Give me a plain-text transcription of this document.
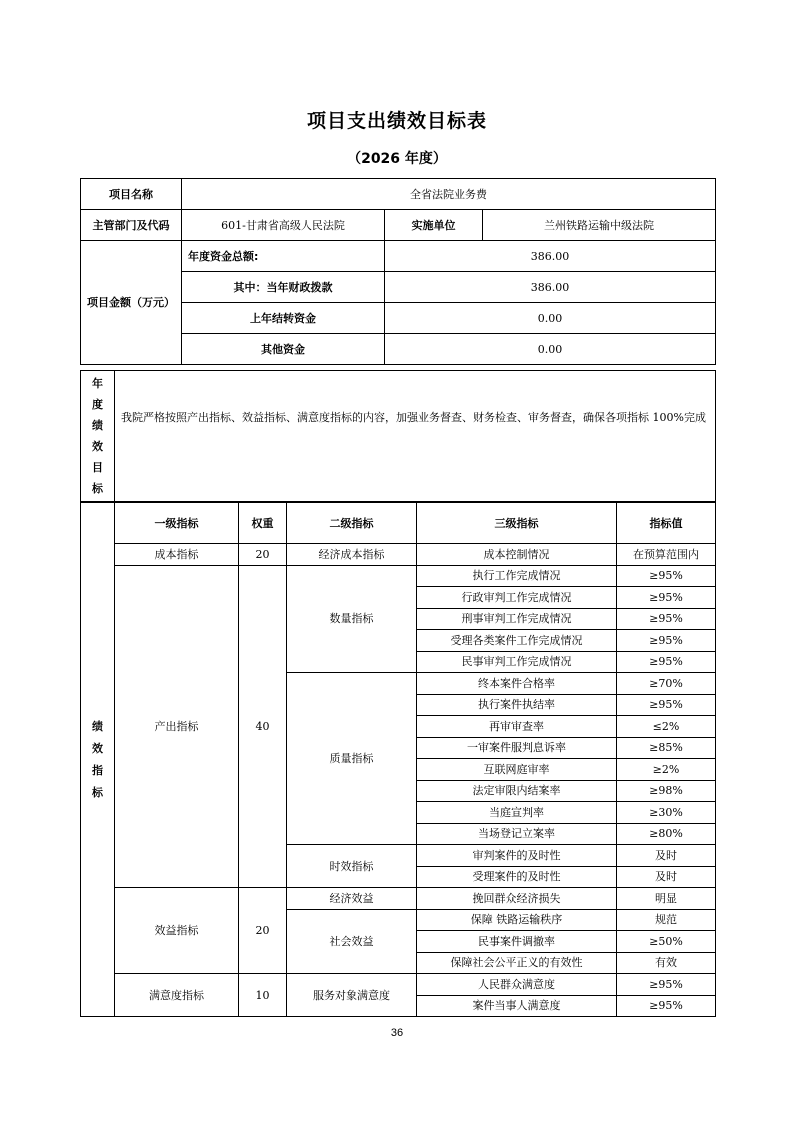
项目支出绩效目标表
（2026 年度）
项目名称	全省法院业务费		
主管部门及代码	601-甘肃省高级人民法院	实施单位	兰州铁路运输中级法院
项目金额（万元）	年度资金总额:	386.00	
	其中：当年财政拨款	386.00	
	上年结转资金	0.00	
	其他资金	0.00	
年度绩效目标	我院严格按照产出指标、效益指标、满意度指标的内容，加强业务督查、财务检查、审务督查，确保各项指标 100%完成
绩效指标	一级指标	权重	二级指标	三级指标	指标值
	成本指标	20	经济成本指标	成本控制情况	在预算范围内
	产出指标	40	数量指标	执行工作完成情况	≥95%
				行政审判工作完成情况	≥95%
				刑事审判工作完成情况	≥95%
				受理各类案件工作完成情况	≥95%
				民事审判工作完成情况	≥95%
			质量指标	终本案件合格率	≥70%
				执行案件执结率	≥95%
				再审审查率	≤2%
				一审案件服判息诉率	≥85%
				互联网庭审率	≥2%
				法定审限内结案率	≥98%
				当庭宣判率	≥30%
				当场登记立案率	≥80%
			时效指标	审判案件的及时性	及时
				受理案件的及时性	及时
	效益指标	20	经济效益	挽回群众经济损失	明显
			社会效益	保障 铁路运输秩序	规范
				民事案件调撤率	≥50%
				保障社会公平正义的有效性	有效
	满意度指标	10	服务对象满意度	人民群众满意度	≥95%
				案件当事人满意度	≥95%
36
